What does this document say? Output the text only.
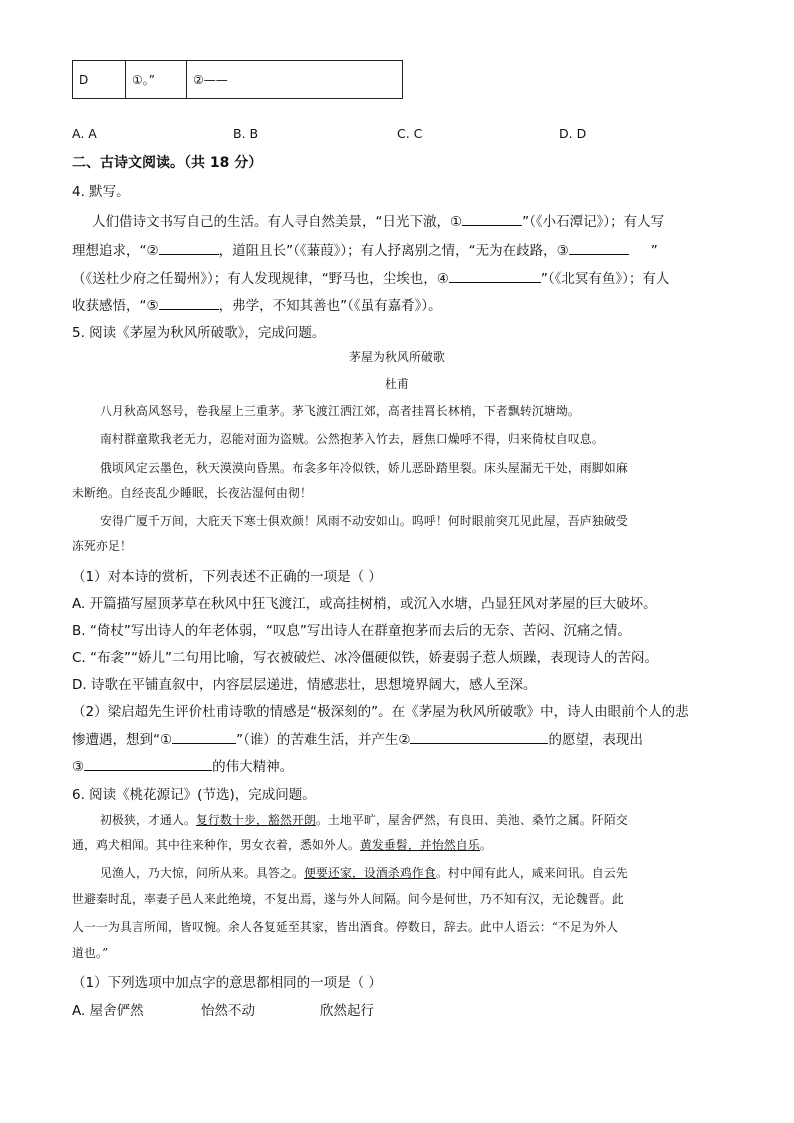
D	①。”	②——
A. A	B. B	C. C	D. D
二、古诗文阅读。（共 18 分）
4. 默写。
人们借诗文书写自己的生活。有人寻自然美景，“日光下澈，①	”（《小石潭记》）；有人写
理想追求，“②	，道阻且长”（《蒹葭》）；有人抒离别之情，“无为在歧路，③	”
（《送杜少府之任蜀州》）；有人发现规律，“野马也，尘埃也，④	”（《北冥有鱼》）；有人
收获感悟，“⑤	，弗学，不知其善也”（《虽有嘉肴》）。
5. 阅读《茅屋为秋风所破歌》，完成问题。
茅屋为秋风所破歌
杜甫
八月秋高风怒号，卷我屋上三重茅。茅飞渡江洒江郊，高者挂罥长林梢，下者飘转沉塘坳。
南村群童欺我老无力，忍能对面为盗贼。公然抱茅入竹去，唇焦口燥呼不得，归来倚杖自叹息。
俄顷风定云墨色，秋天漠漠向昏黑。布衾多年冷似铁，娇儿恶卧踏里裂。床头屋漏无干处，雨脚如麻
未断绝。自经丧乱少睡眠，长夜沾湿何由彻！
安得广厦千万间，大庇天下寒士俱欢颜！风雨不动安如山。呜呼！何时眼前突兀见此屋，吾庐独破受
冻死亦足！
（1）对本诗的赏析，下列表述不正确的一项是（ ）
A. 开篇描写屋顶茅草在秋风中狂飞渡江，或高挂树梢，或沉入水塘，凸显狂风对茅屋的巨大破坏。
B. “倚杖”写出诗人的年老体弱，“叹息”写出诗人在群童抱茅而去后的无奈、苦闷、沉痛之情。
C. “布衾”“娇儿”二句用比喻，写衣被破烂、冰冷僵硬似铁，娇妻弱子惹人烦躁，表现诗人的苦闷。
D. 诗歌在平铺直叙中，内容层层递进，情感悲壮，思想境界阔大，感人至深。
（2）梁启超先生评价杜甫诗歌的情感是“极深刻的”。在《茅屋为秋风所破歌》中，诗人由眼前个人的悲
惨遭遇，想到“①	”（谁）的苦难生活，并产生②	的愿望，表现出
③	的伟大精神。
6. 阅读《桃花源记》(节选)，完成问题。
初极狭，才通人。复行数十步，豁然开朗。土地平旷，屋舍俨然，有良田、美池、桑竹之属。阡陌交
通，鸡犬相闻。其中往来种作，男女衣着，悉如外人。黄发垂髫，并怡然自乐。
见渔人，乃大惊，问所从来。具答之。便要还家，设酒杀鸡作食。村中闻有此人，咸来问讯。自云先
世避秦时乱，率妻子邑人来此绝境，不复出焉，遂与外人间隔。问今是何世，乃不知有汉，无论魏晋。此
人一一为具言所闻，皆叹惋。余人各复延至其家，皆出酒食。停数日，辞去。此中人语云：“不足为外人
道也。”
（1）下列选项中加点字的意思都相同的一项是（ ）
A. 屋舍俨然	怡然不动	欣然起行
